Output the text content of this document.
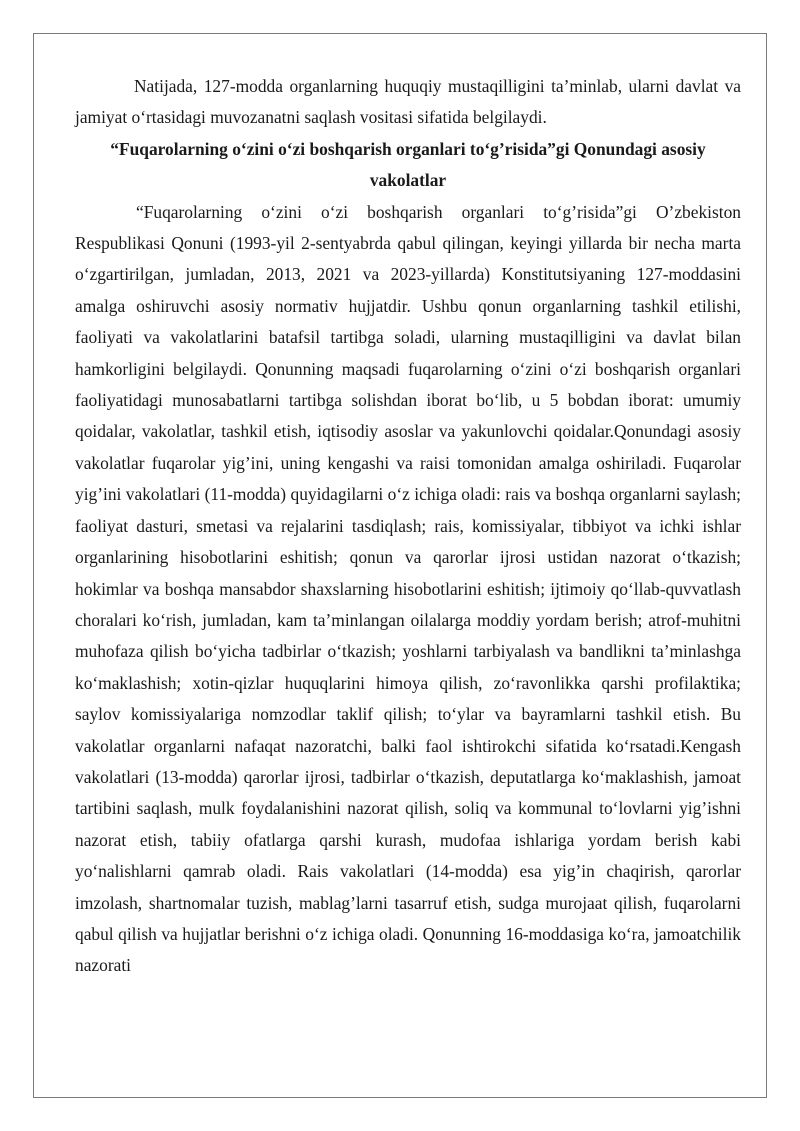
Natijada, 127-modda organlarning huquqiy mustaqilligini ta’minlab, ularni davlat va jamiyat o‘rtasidagi muvozanatni saqlash vositasi sifatida belgilaydi.

“Fuqarolarning o‘zini o‘zi boshqarish organlari to‘g’risida”gi Qonundagi asosiy vakolatlar

“Fuqarolarning o‘zini o‘zi boshqarish organlari to‘g’risida”gi O’zbekiston Respublikasi Qonuni (1993-yil 2-sentyabrda qabul qilingan, keyingi yillarda bir necha marta o‘zgartirilgan, jumladan, 2013, 2021 va 2023-yillarda) Konstitutsiyaning 127-moddasini amalga oshiruvchi asosiy normativ hujjatdir. Ushbu qonun organlarning tashkil etilishi, faoliyati va vakolatlarini batafsil tartibga soladi, ularning mustaqilligini va davlat bilan hamkorligini belgilaydi. Qonunning maqsadi fuqarolarning o‘zini o‘zi boshqarish organlari faoliyatidagi munosabatlarni tartibga solishdan iborat bo‘lib, u 5 bobdan iborat: umumiy qoidalar, vakolatlar, tashkil etish, iqtisodiy asoslar va yakunlovchi qoidalar.Qonundagi asosiy vakolatlar fuqarolar yig’ini, uning kengashi va raisi tomonidan amalga oshiriladi. Fuqarolar yig’ini vakolatlari (11-modda) quyidagilarni o‘z ichiga oladi: rais va boshqa organlarni saylash; faoliyat dasturi, smetasi va rejalarini tasdiqlash; rais, komissiyalar, tibbiyot va ichki ishlar organlarining hisobotlarini eshitish; qonun va qarorlar ijrosi ustidan nazorat o‘tkazish; hokimlar va boshqa mansabdor shaxslarning hisobotlarini eshitish; ijtimoiy qo‘llab-quvvatlash choralari ko‘rish, jumladan, kam ta’minlangan oilalarga moddiy yordam berish; atrof-muhitni muhofaza qilish bo‘yicha tadbirlar o‘tkazish; yoshlarni tarbiyalash va bandlikni ta’minlashga ko‘maklashish; xotin-qizlar huquqlarini himoya qilish, zo‘ravonlikka qarshi profilaktika; saylov komissiyalariga nomzodlar taklif qilish; to‘ylar va bayramlarni tashkil etish. Bu vakolatlar organlarni nafaqat nazoratchi, balki faol ishtirokchi sifatida ko‘rsatadi.Kengash vakolatlari (13-modda) qarorlar ijrosi, tadbirlar o‘tkazish, deputatlarga ko‘maklashish, jamoat tartibini saqlash, mulk foydalanishini nazorat qilish, soliq va kommunal to‘lovlarni yig’ishni nazorat etish, tabiiy ofatlarga qarshi kurash, mudofaa ishlariga yordam berish kabi yo‘nalishlarni qamrab oladi. Rais vakolatlari (14-modda) esa yig’in chaqirish, qarorlar imzolash, shartnomalar tuzish, mablag’larni tasarruf etish, sudga murojaat qilish, fuqarolarni qabul qilish va hujjatlar berishni o‘z ichiga oladi. Qonunning 16-moddasiga ko‘ra, jamoatchilik nazorati
